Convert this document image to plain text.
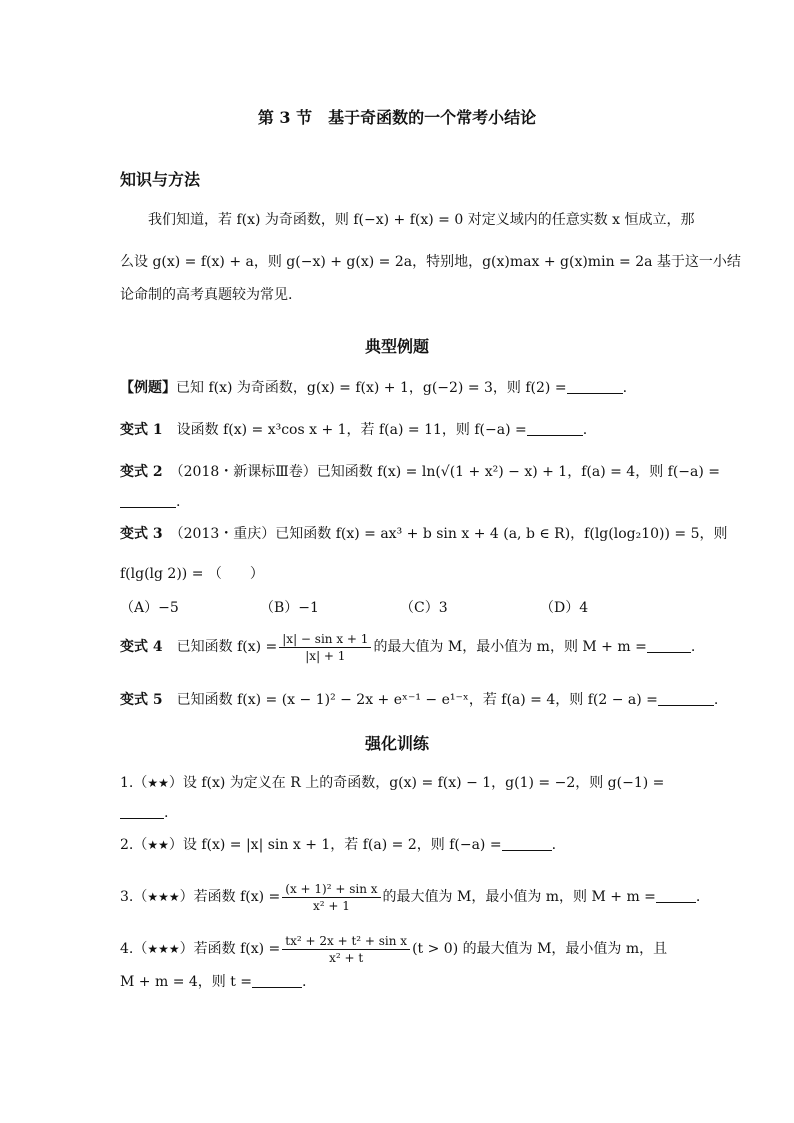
第 3 节　基于奇函数的一个常考小结论
知识与方法
我们知道，若 f(x) 为奇函数，则 f(−x) + f(x) = 0 对定义域内的任意实数 x 恒成立，那
么设 g(x) = f(x) + a，则 g(−x) + g(x) = 2a，特别地，g(x)max + g(x)min = 2a 基于这一小结
论命制的高考真题较为常见.
典型例题
【例题】已知 f(x) 为奇函数，g(x) = f(x) + 1，g(−2) = 3，则 f(2) =	.
变式 1　 设函数 f(x) = x³cos x + 1，若 f(a) = 11，则 f(−a) =	.
变式 2　 （2018・新课标Ⅲ卷）已知函数 f(x) = ln(√(1 + x²) − x) + 1，f(a) = 4，则 f(−a) =
.
变式 3　 （2013・重庆）已知函数 f(x) = ax³ + b sin x + 4 (a, b ∈ R)，f(lg(log₂10)) = 5，则
f(lg(lg 2)) = （　　）
（A）−5	（B）−1	（C）3	（D）4
变式 4　 已知函数 $f(x) = \frac{\text{|x| − sin x + 1}}{|x| + 1}$ 的最大值为 M，最小值为 m，则 M + m =	.
变式 5　 已知函数 f(x) = (x − 1)² − 2x + eˣ⁻¹ − e¹⁻ˣ，若 f(a) = 4，则 f(2 − a) =	.
强化训练
1.（★★）设 f(x) 为定义在 R 上的奇函数，g(x) = f(x) − 1，g(1) = −2，则 g(−1) =
.
2.（★★）设 f(x) = |x| sin x + 1，若 f(a) = 2，则 f(−a) =	.
3.（★★★）若函数 $f(x) = \frac{\text{(x + 1)² + sin x}}{\text{x² + 1}}$ 的最大值为 M，最小值为 m，则 M + m =	.
4.（★★★）若函数 $f(x) = \frac{\text{tx² + 2x + t² + sin x}}{\text{x² + t}} (t > 0)$ 的最大值为 M，最小值为 m，且
M + m = 4，则 t =	.
